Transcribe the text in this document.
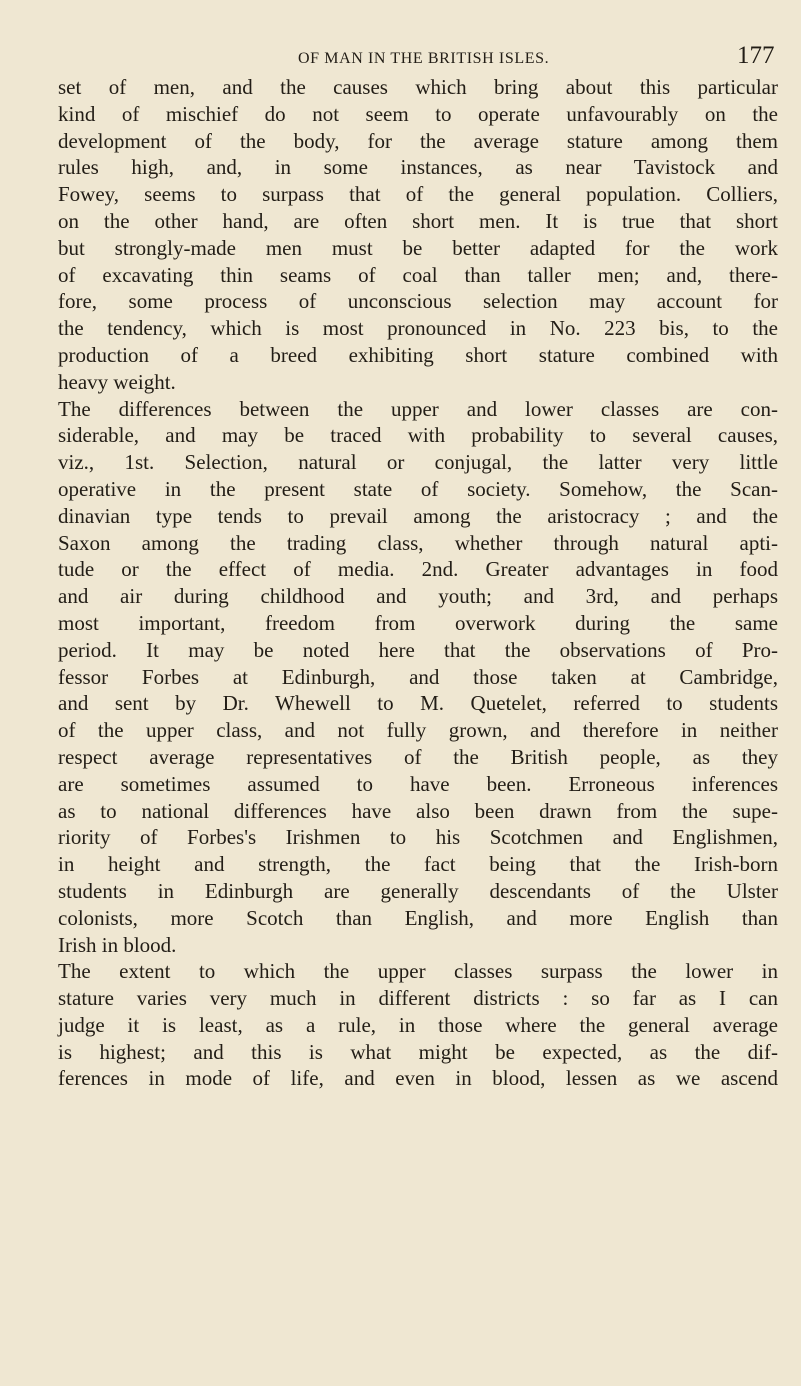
OF MAN IN THE BRITISH ISLES.	177
set of men, and the causes which bring about this particular
kind of mischief do not seem to operate unfavourably on the
development of the body, for the average stature among them
rules high, and, in some instances, as near Tavistock and
Fowey, seems to surpass that of the general population. Colliers,
on the other hand, are often short men. It is true that short
but strongly-made men must be better adapted for the work
of excavating thin seams of coal than taller men; and, there-
fore, some process of unconscious selection may account for
the tendency, which is most pronounced in No. 223 bis, to the
production of a breed exhibiting short stature combined with
heavy weight.
The differences between the upper and lower classes are con-
siderable, and may be traced with probability to several causes,
viz., 1st. Selection, natural or conjugal, the latter very little
operative in the present state of society. Somehow, the Scan-
dinavian type tends to prevail among the aristocracy ; and the
Saxon among the trading class, whether through natural apti-
tude or the effect of media. 2nd. Greater advantages in food
and air during childhood and youth; and 3rd, and perhaps
most important, freedom from overwork during the same
period. It may be noted here that the observations of Pro-
fessor Forbes at Edinburgh, and those taken at Cambridge,
and sent by Dr. Whewell to M. Quetelet, referred to students
of the upper class, and not fully grown, and therefore in neither
respect average representatives of the British people, as they
are sometimes assumed to have been. Erroneous inferences
as to national differences have also been drawn from the supe-
riority of Forbes's Irishmen to his Scotchmen and Englishmen,
in height and strength, the fact being that the Irish-born
students in Edinburgh are generally descendants of the Ulster
colonists, more Scotch than English, and more English than
Irish in blood.
The extent to which the upper classes surpass the lower in
stature varies very much in different districts : so far as I can
judge it is least, as a rule, in those where the general average
is highest; and this is what might be expected, as the dif-
ferences in mode of life, and even in blood, lessen as we ascend
